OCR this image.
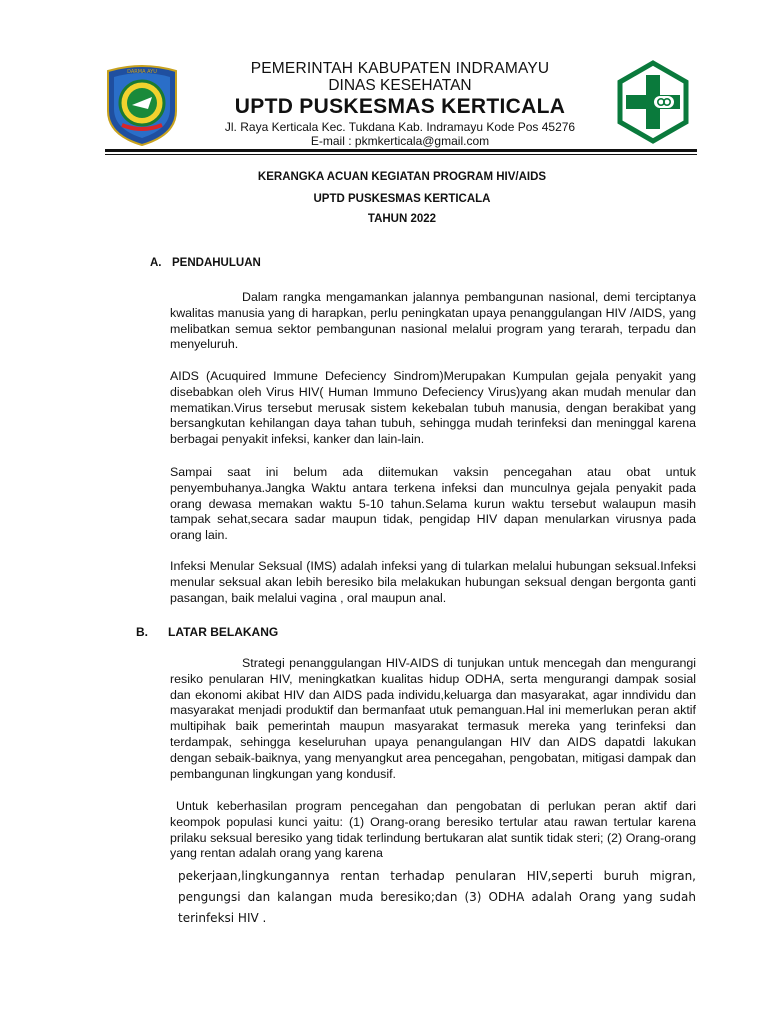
DARMA AYU	PEMERINTAH KABUPATEN INDRAMAYU
DINAS KESEHATAN
UPTD PUSKESMAS KERTICALA
Jl. Raya Kerticala Kec. Tukdana Kab. Indramayu Kode Pos 45276
E-mail : pkmkerticala@gmail.com
KERANGKA ACUAN KEGIATAN PROGRAM HIV/AIDS
UPTD PUSKESMAS KERTICALA
TAHUN 2022
A. PENDAHULUAN

Dalam rangka mengamankan jalannya pembangunan nasional, demi terciptanya kwalitas manusia yang di harapkan, perlu peningkatan upaya penanggulangan HIV /AIDS, yang melibatkan semua sektor pembangunan nasional melalui program yang terarah, terpadu dan menyeluruh.

AIDS (Acuquired Immune Defeciency Sindrom)Merupakan Kumpulan gejala penyakit yang disebabkan oleh Virus HIV( Human Immuno Defeciency Virus)yang akan mudah menular dan mematikan.Virus tersebut merusak sistem kekebalan tubuh manusia, dengan berakibat yang bersangkutan kehilangan daya tahan tubuh, sehingga mudah terinfeksi dan meninggal karena berbagai penyakit infeksi, kanker dan lain-lain.

Sampai saat ini belum ada diitemukan vaksin pencegahan atau obat untuk penyembuhanya.Jangka Waktu antara terkena infeksi dan munculnya gejala penyakit pada orang dewasa memakan waktu 5-10 tahun.Selama kurun waktu tersebut walaupun masih tampak sehat,secara sadar maupun tidak, pengidap HIV dapan menularkan virusnya pada orang lain.

Infeksi Menular Seksual (IMS) adalah infeksi yang di tularkan melalui hubungan seksual.Infeksi menular seksual akan lebih beresiko bila melakukan hubungan seksual dengan bergonta ganti pasangan, baik melalui vagina , oral maupun anal.

B. LATAR BELAKANG

Strategi penanggulangan HIV-AIDS di tunjukan untuk mencegah dan mengurangi resiko penularan HIV, meningkatkan kualitas hidup ODHA, serta mengurangi dampak sosial dan ekonomi akibat HIV dan AIDS pada individu,keluarga dan masyarakat, agar inndividu dan masyarakat menjadi produktif dan bermanfaat utuk pemanguan.Hal ini memerlukan peran aktif multipihak baik pemerintah maupun masyarakat termasuk mereka yang terinfeksi dan terdampak, sehingga keseluruhan upaya penangulangan HIV dan AIDS dapatdi lakukan dengan sebaik-baiknya, yang menyangkut area pencegahan, pengobatan, mitigasi dampak dan pembangunan lingkungan yang kondusif.

Untuk keberhasilan program pencegahan dan pengobatan di perlukan peran aktif dari keompok populasi kunci yaitu: (1) Orang-orang beresiko tertular atau rawan tertular karena prilaku seksual beresiko yang tidak terlindung bertukaran alat suntik tidak steri; (2) Orang-orang yang rentan adalah orang yang karena

pekerjaan,lingkungannya rentan terhadap penularan HIV,seperti buruh migran, pengungsi dan kalangan muda beresiko;dan (3) ODHA adalah Orang yang sudah terinfeksi HIV .
